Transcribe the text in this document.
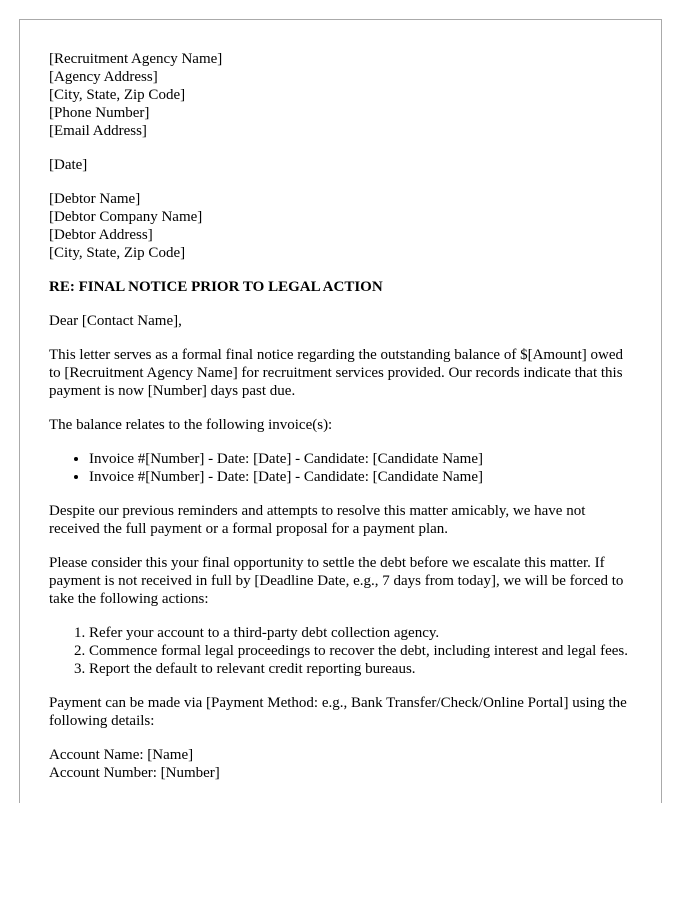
[Recruitment Agency Name]
[Agency Address]
[City, State, Zip Code]
[Phone Number]
[Email Address]

[Date]

[Debtor Name]
[Debtor Company Name]
[Debtor Address]
[City, State, Zip Code]

RE: FINAL NOTICE PRIOR TO LEGAL ACTION

Dear [Contact Name],

This letter serves as a formal final notice regarding the outstanding balance of $[Amount] owed to [Recruitment Agency Name] for recruitment services provided. Our records indicate that this payment is now [Number] days past due.

The balance relates to the following invoice(s):

• Invoice #[Number] - Date: [Date] - Candidate: [Candidate Name]
• Invoice #[Number] - Date: [Date] - Candidate: [Candidate Name]

Despite our previous reminders and attempts to resolve this matter amicably, we have not received the full payment or a formal proposal for a payment plan.

Please consider this your final opportunity to settle the debt before we escalate this matter. If payment is not received in full by [Deadline Date, e.g., 7 days from today], we will be forced to take the following actions:

1. Refer your account to a third-party debt collection agency.
2. Commence formal legal proceedings to recover the debt, including interest and legal fees.
3. Report the default to relevant credit reporting bureaus.

Payment can be made via [Payment Method: e.g., Bank Transfer/Check/Online Portal] using the following details:

Account Name: [Name]
Account Number: [Number]
